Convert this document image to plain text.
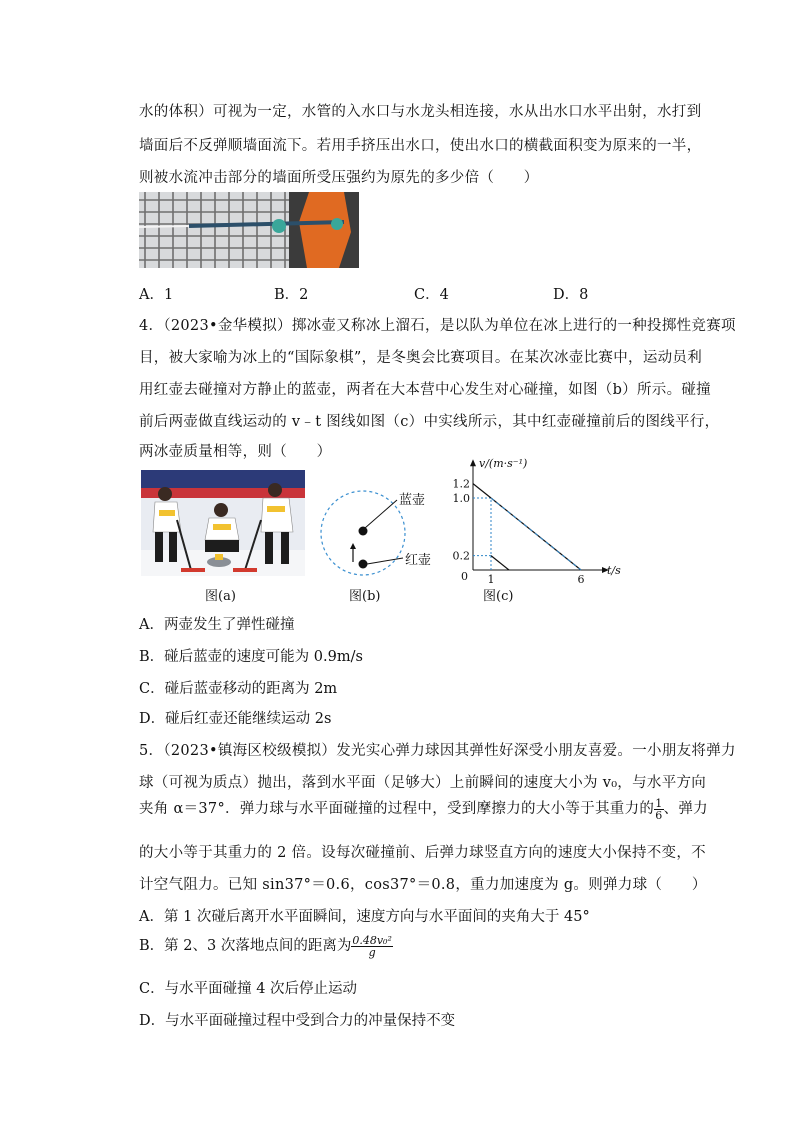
水的体积）可视为一定，水管的入水口与水龙头相连接，水从出水口水平出射，水打到
墙面后不反弹顺墙面流下。若用手挤压出水口，使出水口的横截面积变为原来的一半，
则被水流冲击部分的墙面所受压强约为原先的多少倍（　　）
A．1	B．2	C．4	D．8
4．（2023•金华模拟）掷冰壶又称冰上溜石，是以队为单位在冰上进行的一种投掷性竞赛项
目，被大家喻为冰上的“国际象棋”，是冬奥会比赛项目。在某次冰壶比赛中，运动员利
用红壶去碰撞对方静止的蓝壶，两者在大本营中心发生对心碰撞，如图（b）所示。碰撞
前后两壶做直线运动的 v﹣t 图线如图（c）中实线所示，其中红壶碰撞前后的图线平行，
两冰壶质量相等，则（　　）
图(a)
蓝壶
红壶
图(b)
1	6
0.2
1.0
1.2
0
v/(m·s⁻¹)
t/s
图(c)
A．两壶发生了弹性碰撞
B．碰后蓝壶的速度可能为 0.9m/s
C．碰后蓝壶移动的距离为 2m
D．碰后红壶还能继续运动 2s
5．（2023•镇海区校级模拟）发光实心弹力球因其弹性好深受小朋友喜爱。一小朋友将弹力
球（可视为质点）抛出，落到水平面（足够大）上前瞬间的速度大小为 v₀，与水平方向
夹角 α＝37°．弹力球与水平面碰撞的过程中，受到摩擦力的大小等于其重力的 $\frac{1}{6}$ 、弹力
的大小等于其重力的 2 倍。设每次碰撞前、后弹力球竖直方向的速度大小保持不变，不
计空气阻力。已知 sin37°＝0.6，cos37°＝0.8，重力加速度为 g。则弹力球（　　）
A．第 1 次碰后离开水平面瞬间，速度方向与水平面间的夹角大于 45°
B．第 2、3 次落地点间的距离为 $\frac{\text{0.48v₀²}}{g}$
C．与水平面碰撞 4 次后停止运动
D．与水平面碰撞过程中受到合力的冲量保持不变
